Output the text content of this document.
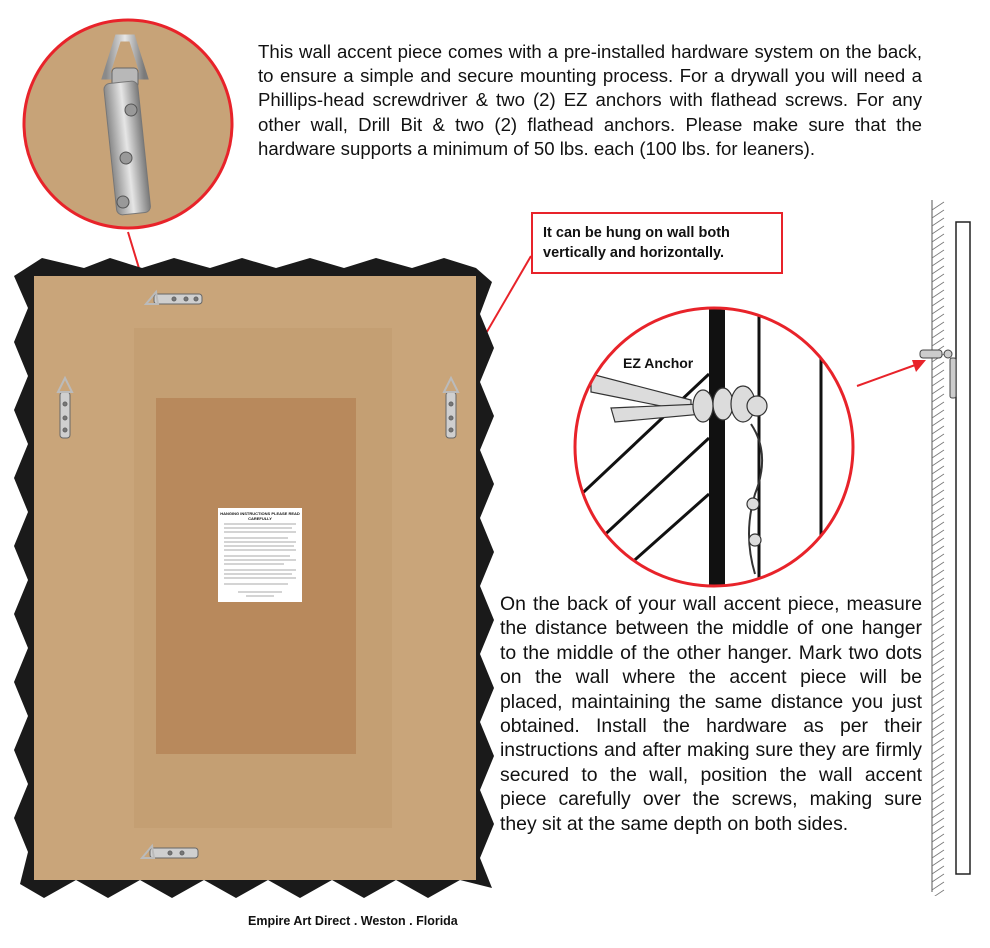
This wall accent piece comes with a pre-installed hardware system on the back, to ensure a simple and secure mounting process. For a drywall you will need a Phillips-head screwdriver & two (2) EZ anchors with flathead screws. For any other wall, Drill Bit & two (2) flathead anchors. Please make sure that the hardware supports a minimum of 50 lbs. each (100 lbs. for leaners).
It can be hung on wall both vertically and horizontally.
HANGING INSTRUCTIONS PLEASE READ CAREFULLY
EZ Anchor
On the back of your wall accent piece, measure the distance between the middle of one hanger to the middle of the other hanger. Mark two dots on the wall where the accent piece will be placed, maintaining the same distance you just obtained. Install the hardware as per their instructions and after making sure they are firmly secured to the wall, position the wall accent piece carefully over the screws, making sure they sit at the same depth on both sides.
Empire Art Direct . Weston . Florida
